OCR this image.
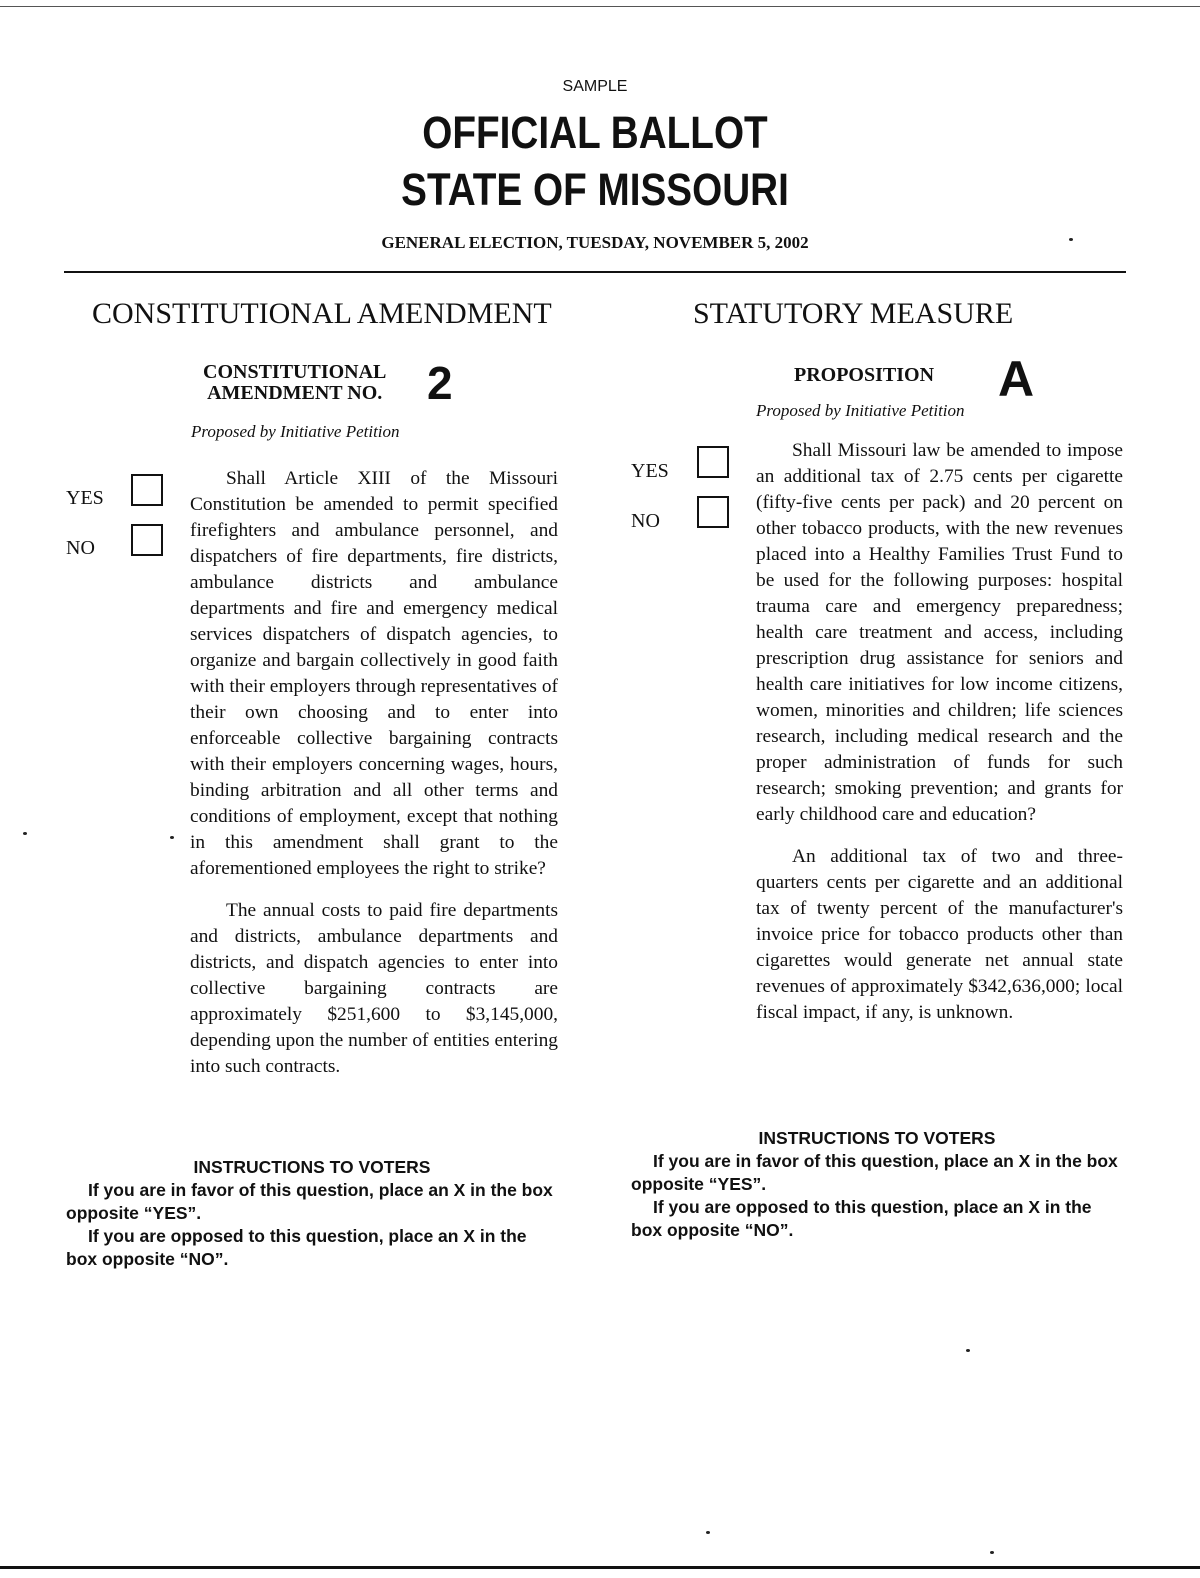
SAMPLE
OFFICIAL BALLOT
STATE OF MISSOURI
GENERAL ELECTION, TUESDAY, NOVEMBER 5, 2002
CONSTITUTIONAL AMENDMENT
CONSTITUTIONAL
AMENDMENT NO. 2
Proposed by Initiative Petition
YES
NO

Shall Article XIII of the Missouri Constitution be amended to permit specified firefighters and ambulance personnel, and dispatchers of fire departments, fire districts, ambulance districts and ambulance departments and fire and emergency medical services dispatchers of dispatch agencies, to organize and bargain collectively in good faith with their employers through representatives of their own choosing and to enter into enforceable collective bargaining contracts with their employers concerning wages, hours, binding arbitration and all other terms and conditions of employment, except that nothing in this amendment shall grant to the aforementioned employees the right to strike?

The annual costs to paid fire departments and districts, ambulance departments and districts, and dispatch agencies to enter into collective bargaining contracts are approximately $251,600 to $3,145,000, depending upon the number of entities entering into such contracts.

INSTRUCTIONS TO VOTERS

If you are in favor of this question, place an X in the box opposite “YES”.

If you are opposed to this question, place an X in the box opposite “NO”.

STATUTORY MEASURE
PROPOSITION A
Proposed by Initiative Petition
YES
NO

Shall Missouri law be amended to impose an additional tax of 2.75 cents per cigarette (fifty-five cents per pack) and 20 percent on other tobacco products, with the new revenues placed into a Healthy Families Trust Fund to be used for the following purposes: hospital trauma care and emergency preparedness; health care treatment and access, including prescription drug assistance for seniors and health care initiatives for low income citizens, women, minorities and children; life sciences research, including medical research and the proper administration of funds for such research; smoking prevention; and grants for early childhood care and education?

An additional tax of two and three-quarters cents per cigarette and an additional tax of twenty percent of the manufacturer's invoice price for tobacco products other than cigarettes would generate net annual state revenues of approximately $342,636,000; local fiscal impact, if any, is unknown.

INSTRUCTIONS TO VOTERS

If you are in favor of this question, place an X in the box opposite “YES”.

If you are opposed to this question, place an X in the box opposite “NO”.
